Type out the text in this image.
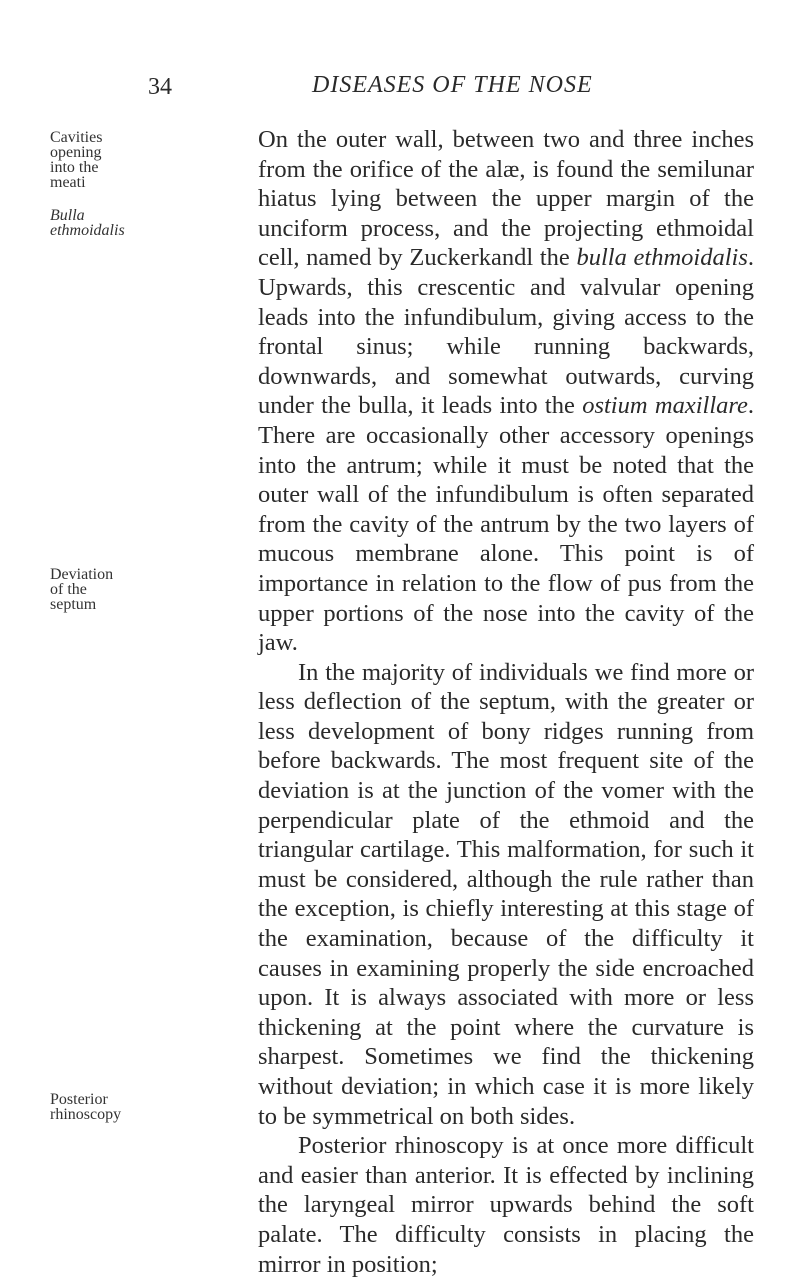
34	DISEASES OF THE NOSE
Cavities
opening
into the
meati
Bulla
ethmoidalis
Deviation
of the
septum
Posterior
rhinoscopy

On the outer wall, between two and three inches from the orifice of the alæ, is found the semilunar hiatus lying between the upper margin of the unciform process, and the projecting ethmoidal cell, named by Zuckerkandl the bulla ethmoidalis. Upwards, this crescentic and valvular opening leads into the infundibulum, giving access to the frontal sinus; while running backwards, downwards, and somewhat outwards, curving under the bulla, it leads into the ostium maxillare. There are occasionally other accessory openings into the antrum; while it must be noted that the outer wall of the infundibulum is often separated from the cavity of the antrum by the two layers of mucous membrane alone. This point is of importance in relation to the flow of pus from the upper portions of the nose into the cavity of the jaw.

In the majority of individuals we find more or less deflection of the septum, with the greater or less development of bony ridges running from before backwards. The most frequent site of the deviation is at the junction of the vomer with the perpendicular plate of the ethmoid and the triangular cartilage. This malformation, for such it must be considered, although the rule rather than the exception, is chiefly interesting at this stage of the examination, because of the difficulty it causes in examining properly the side encroached upon. It is always associated with more or less thickening at the point where the curvature is sharpest. Sometimes we find the thickening without deviation; in which case it is more likely to be symmetrical on both sides.

Posterior rhinoscopy is at once more difficult and easier than anterior. It is effected by inclining the laryngeal mirror upwards behind the soft palate. The difficulty consists in placing the mirror in position;
